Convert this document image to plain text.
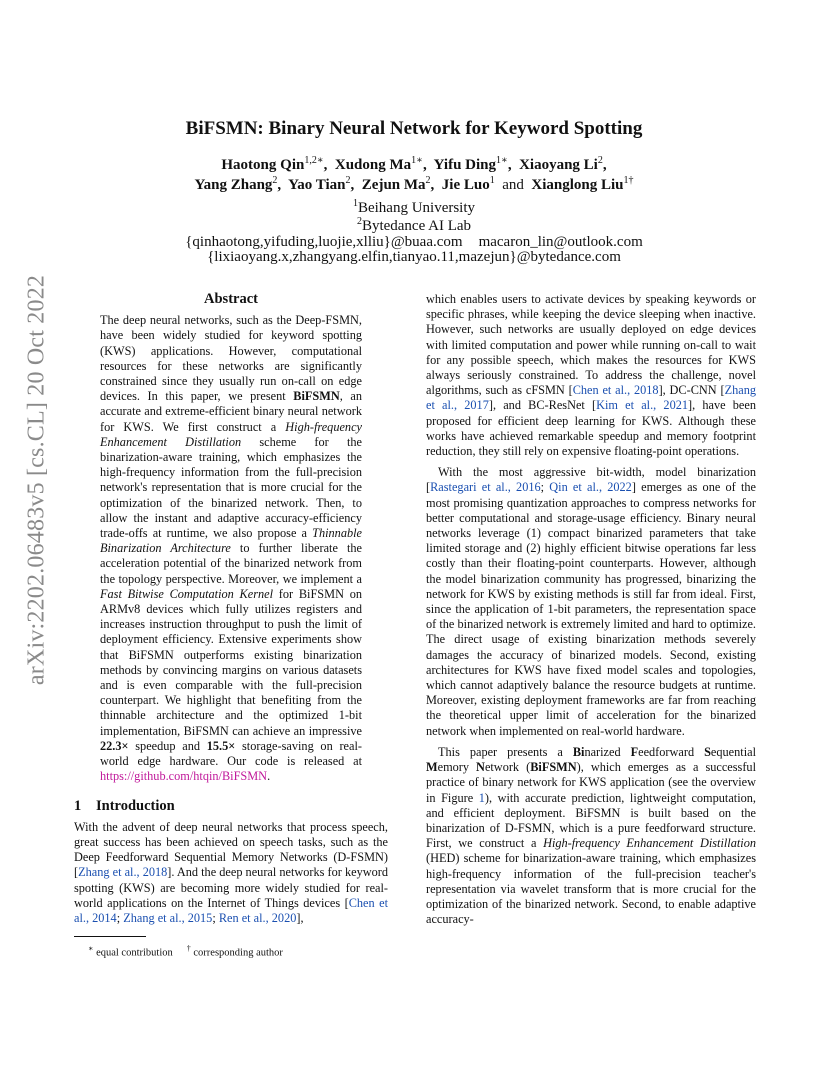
arXiv:2202.06483v5 [cs.CL] 20 Oct 2022
BiFSMN: Binary Neural Network for Keyword Spotting
Haotong Qin$^{1,2∗}$,  Xudong $Ma^{1∗}$,  Yifu Ding$^{1∗}$,  Xiaoyang Li$^2$,
Yang Zhang$^2$,  Yao Tian$^2$,  Zejun Ma$^2$,  Jie Luo$^1$ and Xianglong Liu$^{1\dagger}$
$^1$Beihang University
$^2$Bytedance AI Lab
{qinhaotong,yifuding,luojie,xlliu}@buaa.com macaron_lin@outlook.com
{lixiaoyang.x,zhangyang.elfin,tianyao.11,mazejun}@bytedance.com
Abstract

The deep neural networks, such as the Deep-FSMN, have been widely studied for keyword spotting (KWS) applications. However, computational resources for these networks are significantly constrained since they usually run on-call on edge devices. In this paper, we present BiFSMN, an accurate and extreme-efficient binary neural network for KWS. We first construct a High-frequency Enhancement Distillation scheme for the binarization-aware training, which emphasizes the high-frequency information from the full-precision network's representation that is more crucial for the optimization of the binarized network. Then, to allow the instant and adaptive accuracy-efficiency trade-offs at runtime, we also propose a Thinnable Binarization Architecture to further liberate the acceleration potential of the binarized network from the topology perspective. Moreover, we implement a Fast Bitwise Computation Kernel for BiFSMN on ARMv8 devices which fully utilizes registers and increases instruction throughput to push the limit of deployment efficiency. Extensive experiments show that BiFSMN outperforms existing binarization methods by convincing margins on various datasets and is even comparable with the full-precision counterpart. We highlight that benefiting from the thinnable architecture and the optimized 1-bit implementation, BiFSMN can achieve an impressive 22.3× speedup and 15.5× storage-saving on real-world edge hardware. Our code is released at https://github.com/htqin/BiFSMN.

1 Introduction

With the advent of deep neural networks that process speech, great success has been achieved on speech tasks, such as the Deep Feedforward Sequential Memory Networks (D-FSMN) [Zhang et al., 2018]. And the deep neural networks for keyword spotting (KWS) are becoming more widely studied for real-world applications on the Internet of Things devices [Chen et al., 2014; Zhang et al., 2015; Ren et al., 2020],

∗ equal contribution † corresponding author

which enables users to activate devices by speaking keywords or specific phrases, while keeping the device sleeping when inactive. However, such networks are usually deployed on edge devices with limited computation and power while running on-call to wait for any possible speech, which makes the resources for KWS always seriously constrained. To address the challenge, novel algorithms, such as cFSMN [Chen et al., 2018], DC-CNN [Zhang et al., 2017], and BC-ResNet [Kim et al., 2021], have been proposed for efficient deep learning for KWS. Although these works have achieved remarkable speedup and memory footprint reduction, they still rely on expensive floating-point operations.

With the most aggressive bit-width, model binarization [Rastegari et al., 2016; Qin et al., 2022] emerges as one of the most promising quantization approaches to compress networks for better computational and storage-usage efficiency. Binary neural networks leverage (1) compact binarized parameters that take limited storage and (2) highly efficient bitwise operations far less costly than their floating-point counterparts. However, although the model binarization community has progressed, binarizing the network for KWS by existing methods is still far from ideal. First, since the application of 1-bit parameters, the representation space of the binarized network is extremely limited and hard to optimize. The direct usage of existing binarization methods severely damages the accuracy of binarized models. Second, existing architectures for KWS have fixed model scales and topologies, which cannot adaptively balance the resource budgets at runtime. Moreover, existing deployment frameworks are far from reaching the theoretical upper limit of acceleration for the binarized network when implemented on real-world hardware.

This paper presents a Binarized Feedforward Sequential Memory Network (BiFSMN), which emerges as a successful practice of binary network for KWS application (see the overview in Figure 1), with accurate prediction, lightweight computation, and efficient deployment. BiFSMN is built based on the binarization of D-FSMN, which is a pure feedforward structure. First, we construct a High-frequency Enhancement Distillation (HED) scheme for binarization-aware training, which emphasizes high-frequency information of the full-precision teacher's representation via wavelet transform that is more crucial for the optimization of the binarized network. Second, to enable adaptive accuracy-
